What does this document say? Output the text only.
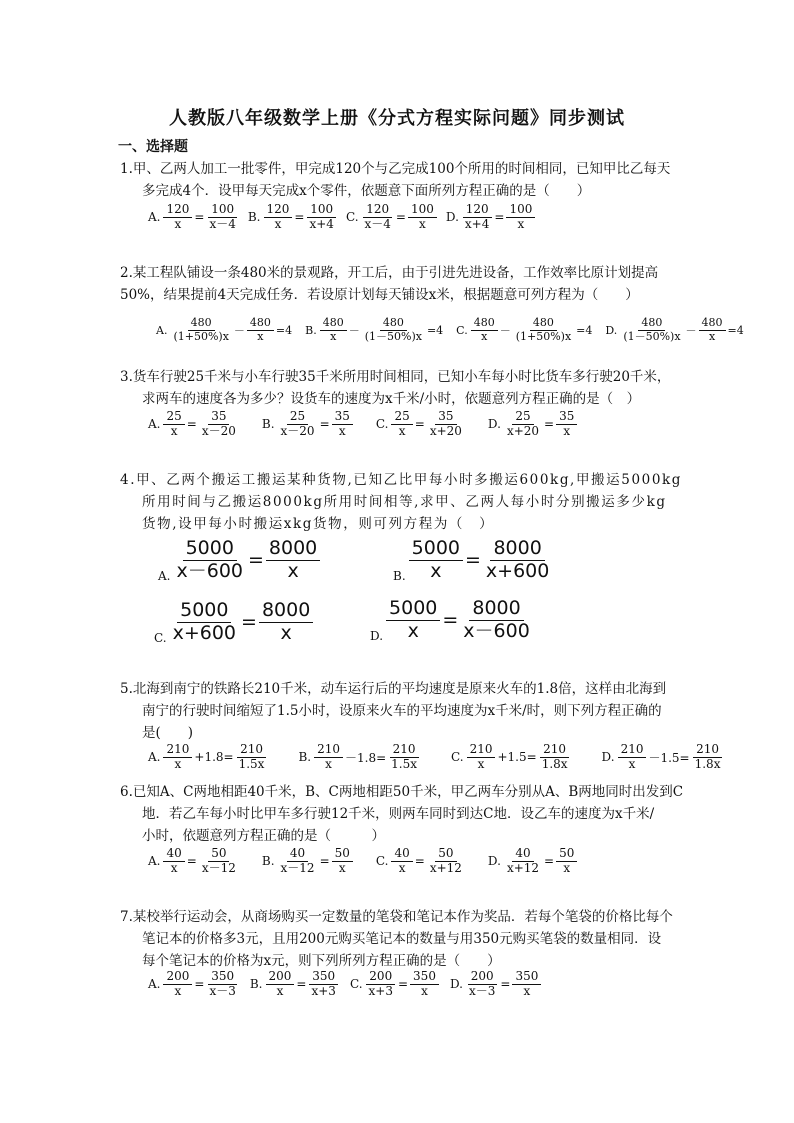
人教版八年级数学上册《分式方程实际问题》同步测试
一、选择题
1.甲、乙两人加工一批零件，甲完成120个与乙完成100个所用的时间相同，已知甲比乙每天
多完成4个．设甲每天完成x个零件，依题意下面所列方程正确的是（　　）
A. $\frac{120}{x} = \frac{100}{x-4} B$. $\frac{120}{x} = \frac{100}{x+4} C$. $\frac{120}{x-4} = \frac{100}{x} D$. $\frac{120}{x+4} = \frac{100}{x}$
2.某工程队铺设一条480米的景观路，开工后，由于引进先进设备，工作效率比原计划提高
50%，结果提前4天完成任务．若设原计划每天铺设x米，根据题意可列方程为（　　）
A. $\frac{480}{(1+50\%)x} - \frac{480}{x} =4$ B. $\frac{480}{x} - \frac{480}{(1-50\%)x} =4$ C. $\frac{480}{x} - \frac{480}{(1+50\%)x} =4$ D. $\frac{480}{(1-50\%)x} - \frac{480}{x} =4$
3.货车行驶25千米与小车行驶35千米所用时间相同，已知小车每小时比货车多行驶20千米，
求两车的速度各为多少？设货车的速度为x千米/小时，依题意列方程正确的是（　）
A. $\frac{25}{x} = \frac{35}{x-20} B$. $\frac{25}{x-20} = \frac{35}{x} C$. $\frac{25}{x} = \frac{35}{x+20} D$. $\frac{25}{x+20} = \frac{35}{x}$
4.甲、乙两个搬运工搬运某种货物,已知乙比甲每小时多搬运600kg,甲搬运5000kg
所用时间与乙搬运8000kg所用时间相等,求甲、乙两人每小时分别搬运多少kg
货物,设甲每小时搬运xkg货物，则可列方程为（　）
A. $\frac{5000}{x-600} = \frac{8000}{x}$	B. $\frac{5000}{x} = \frac{8000}{x+600}$
C. $\frac{5000}{x+600} = \frac{8000}{x}$	D. $\frac{5000}{x} = \frac{8000}{x-600}$
5.北海到南宁的铁路长210千米，动车运行后的平均速度是原来火车的1.8倍，这样由北海到
南宁的行驶时间缩短了1.5小时，设原来火车的平均速度为x千米/时，则下列方程正确的
是(　　)
A. $\frac{210}{x} +1.8= \frac{210}{1.5x}$	B. $\frac{210}{x} -1.8= \frac{210}{1.5x}$	C. $\frac{210}{x} +1.5= \frac{210}{1.8x}$	D. $\frac{210}{x} -1.5= \frac{210}{1.8x}$
6.已知A、C两地相距40千米，B、C两地相距50千米，甲乙两车分别从A、B两地同时出发到C
地．若乙车每小时比甲车多行驶12千米，则两车同时到达C地．设乙车的速度为x千米/
小时，依题意列方程正确的是（　　　）
A. $\frac{40}{x} = \frac{50}{x-12} B$. $\frac{40}{x-12} = \frac{50}{x} C$. $\frac{40}{x} = \frac{50}{x+12} D$. $\frac{40}{x+12} = \frac{50}{x}$
7.某校举行运动会，从商场购买一定数量的笔袋和笔记本作为奖品．若每个笔袋的价格比每个
笔记本的价格多3元，且用200元购买笔记本的数量与用350元购买笔袋的数量相同．设
每个笔记本的价格为x元，则下列所列方程正确的是（　　）
A. $\frac{200}{x} = \frac{350}{x-3} B$. $\frac{200}{x} = \frac{350}{x+3} C$. $\frac{200}{x+3} = \frac{350}{x} D$. $\frac{200}{x-3} = \frac{350}{x}$
